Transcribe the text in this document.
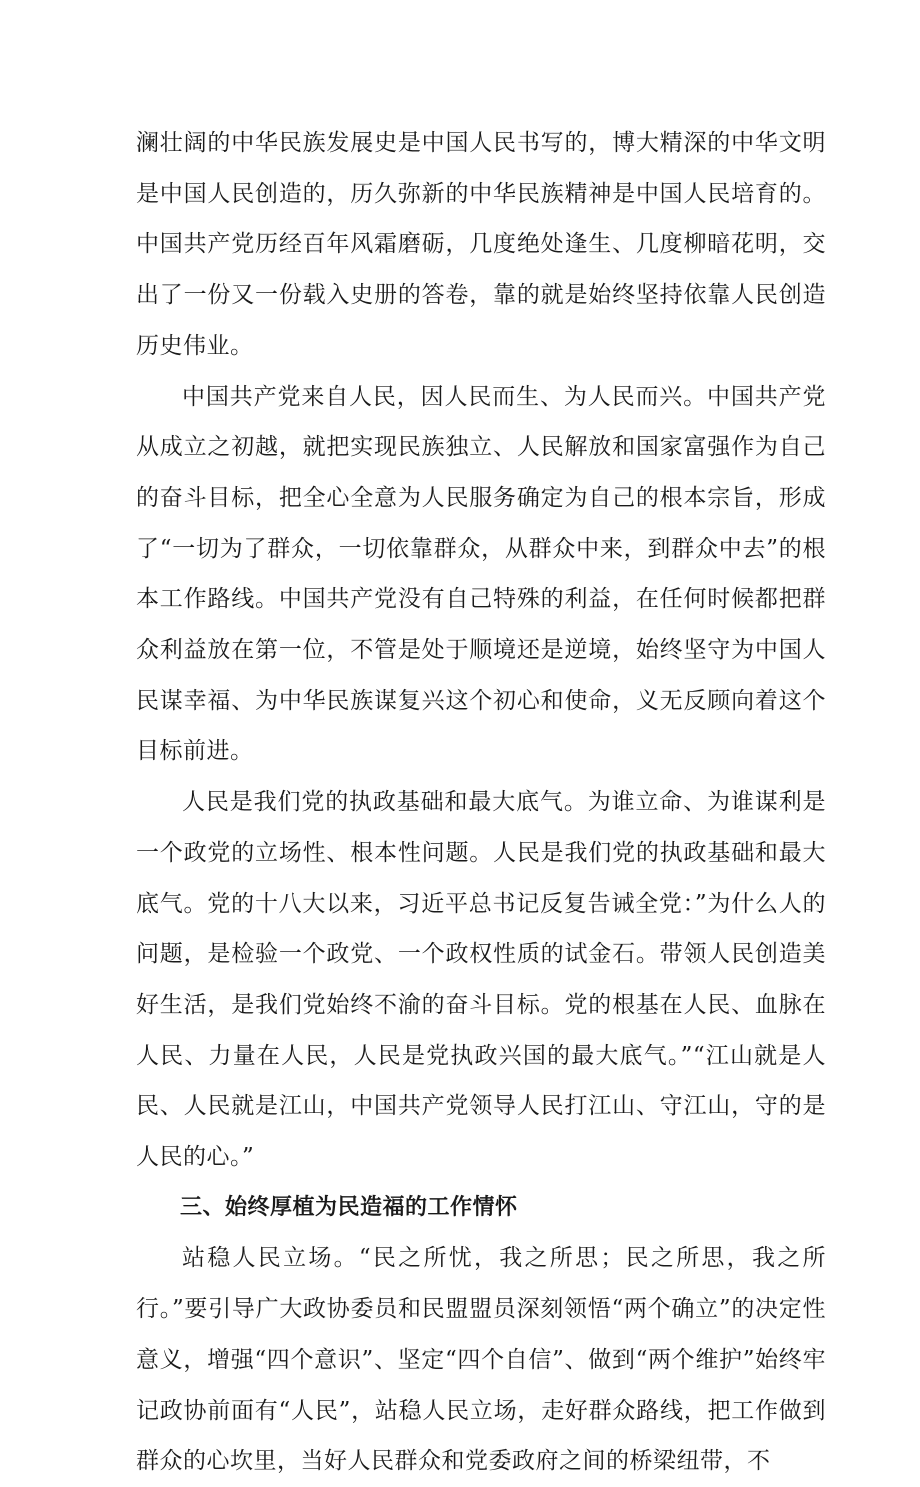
澜壮阔的中华民族发展史是中国人民书写的，博大精深的中华文明是中国人民创造的，历久弥新的中华民族精神是中国人民培育的。中国共产党历经百年风霜磨砺，几度绝处逢生、几度柳暗花明，交出了一份又一份载入史册的答卷，靠的就是始终坚持依靠人民创造历史伟业。

中国共产党来自人民，因人民而生、为人民而兴。中国共产党从成立之初越，就把实现民族独立、人民解放和国家富强作为自己的奋斗目标，把全心全意为人民服务确定为自己的根本宗旨，形成了“一切为了群众，一切依靠群众，从群众中来，到群众中去”的根本工作路线。中国共产党没有自己特殊的利益，在任何时候都把群众利益放在第一位，不管是处于顺境还是逆境，始终坚守为中国人民谋幸福、为中华民族谋复兴这个初心和使命，义无反顾向着这个目标前进。

人民是我们党的执政基础和最大底气。为谁立命、为谁谋利是一个政党的立场性、根本性问题。人民是我们党的执政基础和最大底气。党的十八大以来，习近平总书记反复告诫全党：”为什么人的问题，是检验一个政党、一个政权性质的试金石。带领人民创造美好生活，是我们党始终不渝的奋斗目标。党的根基在人民、血脉在人民、力量在人民，人民是党执政兴国的最大底气。”“江山就是人民、人民就是江山，中国共产党领导人民打江山、守江山，守的是人民的心。”

三、始终厚植为民造福的工作情怀

站稳人民立场。“民之所忧，我之所思；民之所思，我之所行。”要引导广大政协委员和民盟盟员深刻领悟“两个确立”的决定性意义，增强“四个意识”、坚定“四个自信”、做到“两个维护”始终牢记政协前面有“人民”，站稳人民立场，走好群众路线，把工作做到群众的心坎里，当好人民群众和党委政府之间的桥梁纽带，不
